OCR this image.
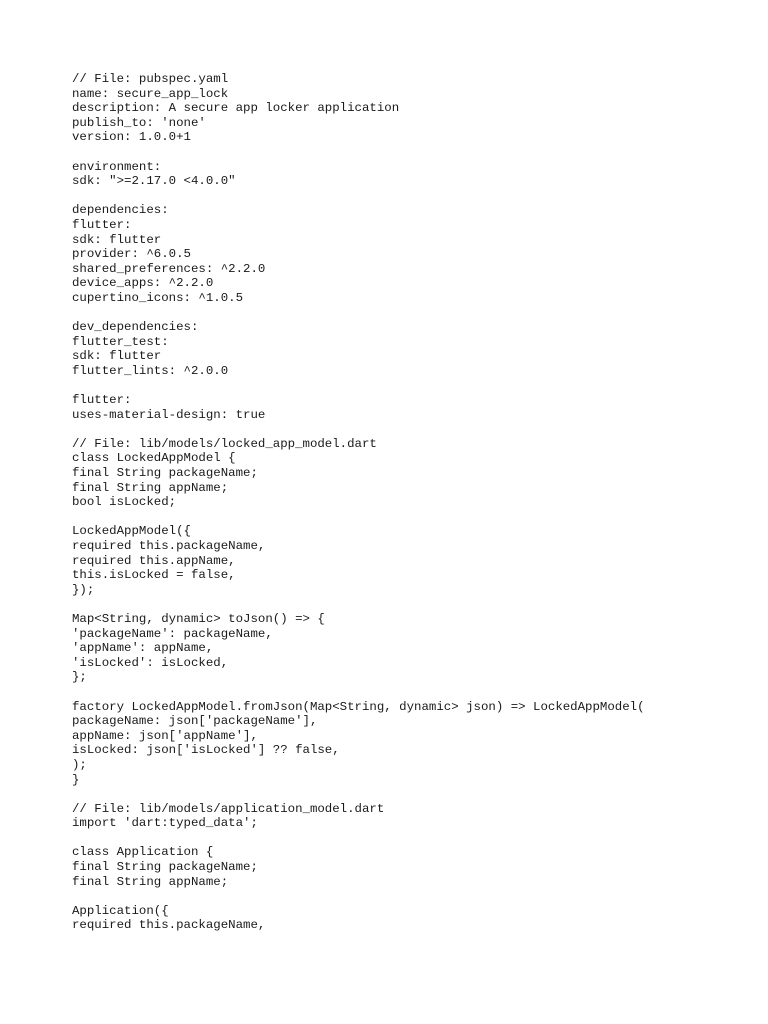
// File: pubspec.yaml
name: secure_app_lock
description: A secure app locker application
publish_to: 'none'
version: 1.0.0+1
environment:
sdk: ">=2.17.0 <4.0.0"
dependencies:
flutter:
sdk: flutter
provider: ^6.0.5
shared_preferences: ^2.2.0
device_apps: ^2.2.0
cupertino_icons: ^1.0.5
dev_dependencies:
flutter_test:
sdk: flutter
flutter_lints: ^2.0.0
flutter:
uses-material-design: true
// File: lib/models/locked_app_model.dart
class LockedAppModel {
final String packageName;
final String appName;
bool isLocked;
LockedAppModel({
required this.packageName,
required this.appName,
this.isLocked = false,
});
Map<String, dynamic> toJson() => {
'packageName': packageName,
'appName': appName,
'isLocked': isLocked,
};
factory LockedAppModel.fromJson(Map<String, dynamic> json) => LockedAppModel(
packageName: json['packageName'],
appName: json['appName'],
isLocked: json['isLocked'] ?? false,
);
}
// File: lib/models/application_model.dart
import 'dart:typed_data';
class Application {
final String packageName;
final String appName;
Application({
required this.packageName,
